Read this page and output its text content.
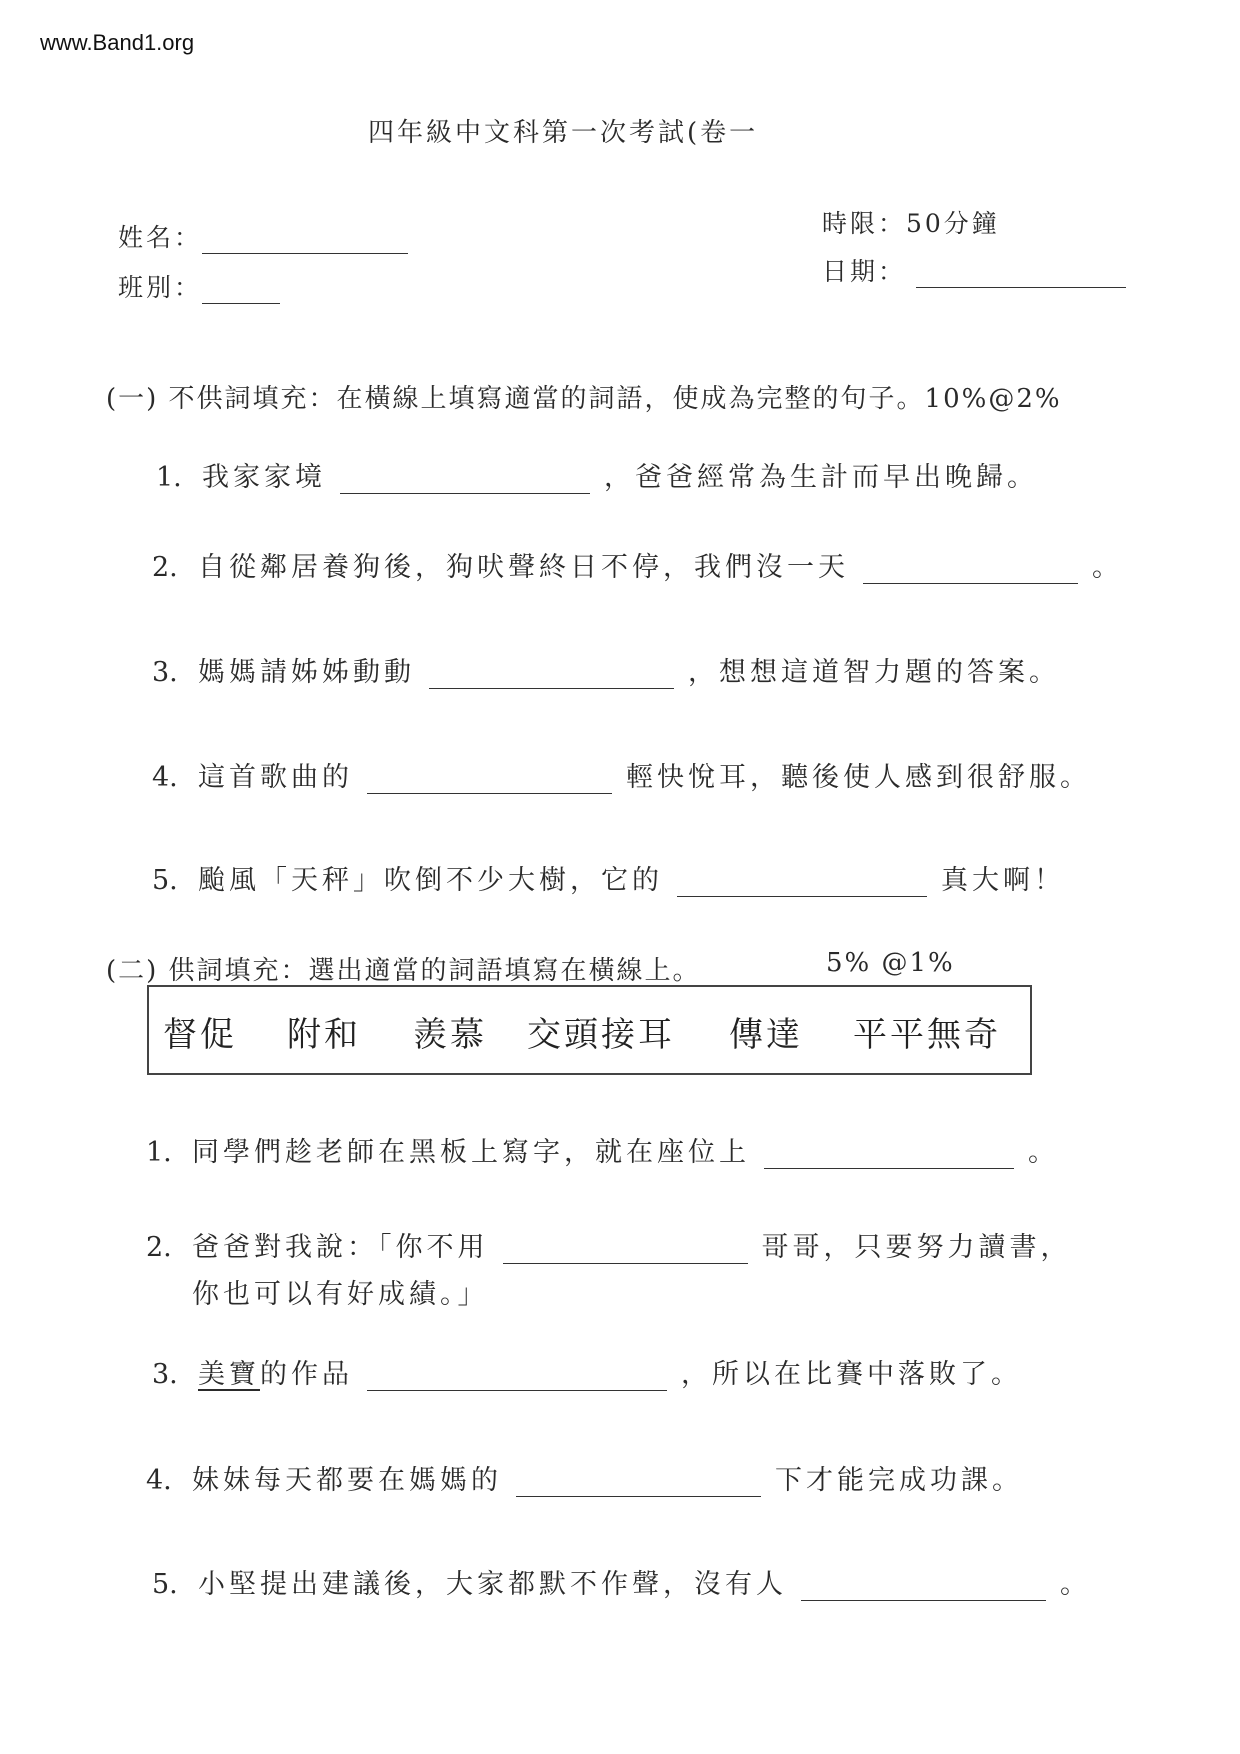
www.Band1.org
四年級中文科第一次考試(卷一
姓名：
班別：
時限：50分鐘
日期：
(一) 不供詞填充：在橫線上填寫適當的詞語，使成為完整的句子。10%@2%
1. 我家家境	，爸爸經常為生計而早出晚歸。
2. 自從鄰居養狗後，狗吠聲終日不停，我們沒一天	。
3. 媽媽請姊姊動動	，想想這道智力題的答案。
4. 這首歌曲的	輕快悅耳，聽後使人感到很舒服。
5. 颱風「天秤」吹倒不少大樹，它的	真大啊！
(二) 供詞填充：選出適當的詞語填寫在橫線上。	5% @1%
督促 附和 羨慕 交頭接耳 傳達 平平無奇
1. 同學們趁老師在黑板上寫字，就在座位上	。
2. 爸爸對我說：「你不用	哥哥，只要努力讀書，
你也可以有好成績。」
3. 美寶的作品	，所以在比賽中落敗了。
4. 妹妹每天都要在媽媽的	下才能完成功課。
5. 小堅提出建議後，大家都默不作聲，沒有人	。
